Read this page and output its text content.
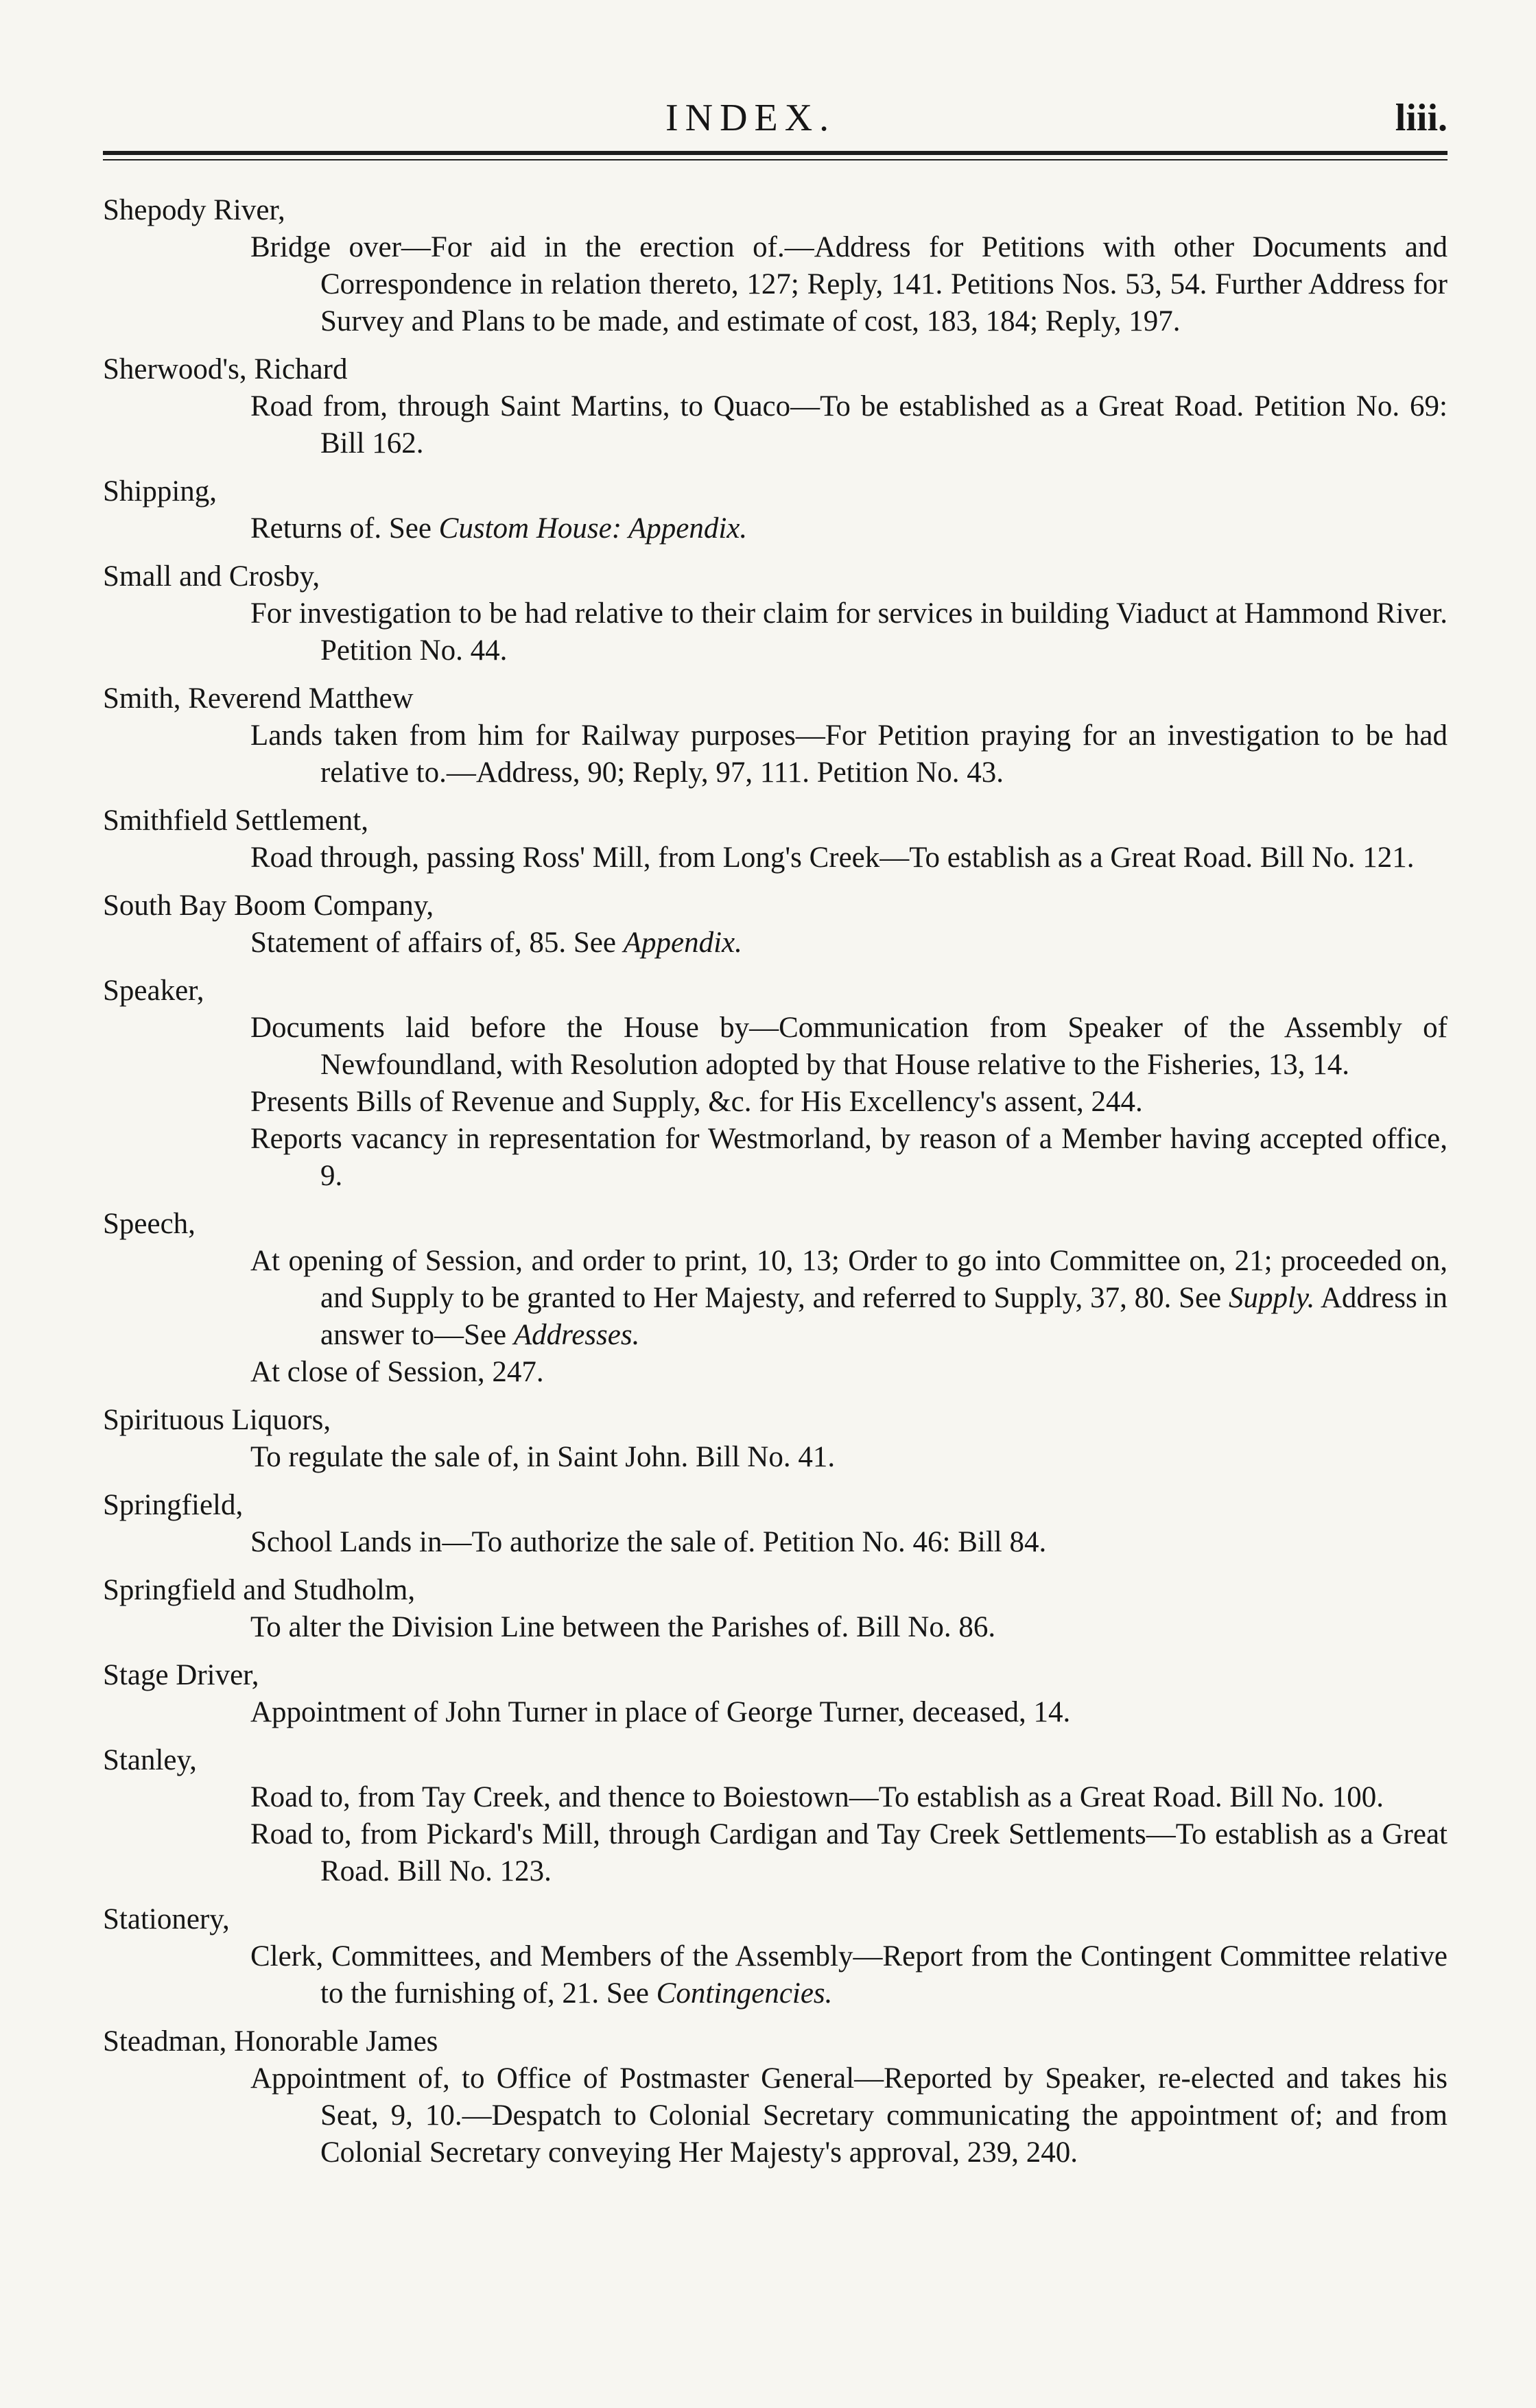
INDEX.	liii.
Shepody River,
Bridge over—For aid in the erection of.—Address for Petitions with other Documents and Correspondence in relation thereto, 127; Reply, 141. Petitions Nos. 53, 54. Further Address for Survey and Plans to be made, and estimate of cost, 183, 184; Reply, 197.
Sherwood's, Richard
Road from, through Saint Martins, to Quaco—To be established as a Great Road. Petition No. 69: Bill 162.
Shipping,
Returns of. See Custom House: Appendix.
Small and Crosby,
For investigation to be had relative to their claim for services in building Viaduct at Hammond River. Petition No. 44.
Smith, Reverend Matthew
Lands taken from him for Railway purposes—For Petition praying for an investigation to be had relative to.—Address, 90; Reply, 97, 111. Petition No. 43.
Smithfield Settlement,
Road through, passing Ross' Mill, from Long's Creek—To establish as a Great Road. Bill No. 121.
South Bay Boom Company,
Statement of affairs of, 85. See Appendix.
Speaker,
Documents laid before the House by—Communication from Speaker of the Assembly of Newfoundland, with Resolution adopted by that House relative to the Fisheries, 13, 14.
Presents Bills of Revenue and Supply, &c. for His Excellency's assent, 244.
Reports vacancy in representation for Westmorland, by reason of a Member having accepted office, 9.
Speech,
At opening of Session, and order to print, 10, 13; Order to go into Committee on, 21; proceeded on, and Supply to be granted to Her Majesty, and referred to Supply, 37, 80. See Supply. Address in answer to—See Addresses.
At close of Session, 247.
Spirituous Liquors,
To regulate the sale of, in Saint John. Bill No. 41.
Springfield,
School Lands in—To authorize the sale of. Petition No. 46: Bill 84.
Springfield and Studholm,
To alter the Division Line between the Parishes of. Bill No. 86.
Stage Driver,
Appointment of John Turner in place of George Turner, deceased, 14.
Stanley,
Road to, from Tay Creek, and thence to Boiestown—To establish as a Great Road. Bill No. 100.
Road to, from Pickard's Mill, through Cardigan and Tay Creek Settlements—To establish as a Great Road. Bill No. 123.
Stationery,
Clerk, Committees, and Members of the Assembly—Report from the Contingent Committee relative to the furnishing of, 21. See Contingencies.
Steadman, Honorable James
Appointment of, to Office of Postmaster General—Reported by Speaker, re-elected and takes his Seat, 9, 10.—Despatch to Colonial Secretary communicating the appointment of; and from Colonial Secretary conveying Her Majesty's approval, 239, 240.
